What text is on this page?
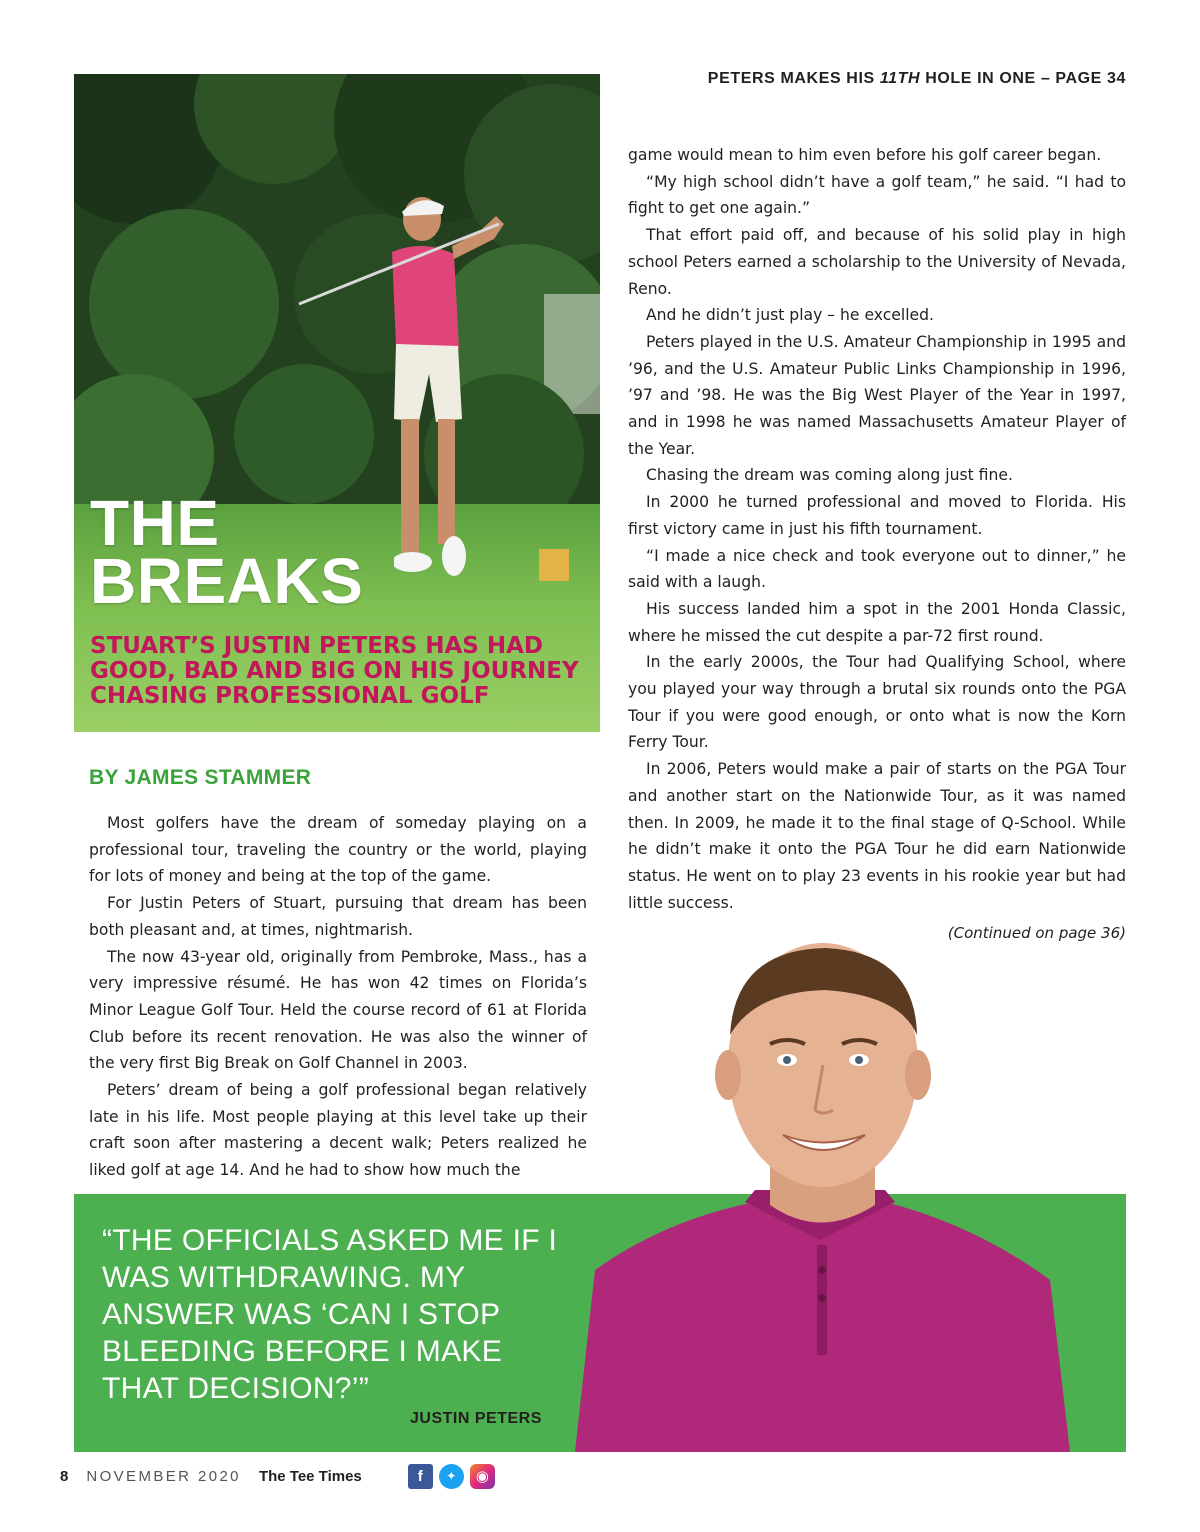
PETERS MAKES HIS 11TH HOLE IN ONE – PAGE 34
THE
BREAKS
STUART’S JUSTIN PETERS HAS HAD GOOD, BAD AND BIG ON HIS JOURNEY CHASING PROFESSIONAL GOLF
BY JAMES STAMMER

Most golfers have the dream of someday playing on a professional tour, traveling the country or the world, playing for lots of money and being at the top of the game.

For Justin Peters of Stuart, pursuing that dream has been both pleasant and, at times, nightmarish.

The now 43-year old, originally from Pembroke, Mass., has a very impressive résumé. He has won 42 times on Florida’s Minor League Golf Tour. Held the course record of 61 at Florida Club before its recent renovation. He was also the winner of the very first Big Break on Golf Channel in 2003.

Peters’ dream of being a golf professional began relatively late in his life. Most people playing at this level take up their craft soon after mastering a decent walk; Peters realized he liked golf at age 14. And he had to show how much the

game would mean to him even before his golf career began.

“My high school didn’t have a golf team,” he said. “I had to fight to get one again.”

That effort paid off, and because of his solid play in high school Peters earned a scholarship to the University of Nevada, Reno.

And he didn’t just play – he excelled.

Peters played in the U.S. Amateur Championship in 1995 and ’96, and the U.S. Amateur Public Links Championship in 1996, ’97 and ’98. He was the Big West Player of the Year in 1997, and in 1998 he was named Massachusetts Amateur Player of the Year.

Chasing the dream was coming along just fine.

In 2000 he turned professional and moved to Florida. His first victory came in just his fifth tournament.

“I made a nice check and took everyone out to dinner,” he said with a laugh.

His success landed him a spot in the 2001 Honda Classic, where he missed the cut despite a par-72 first round.

In the early 2000s, the Tour had Qualifying School, where you played your way through a brutal six rounds onto the PGA Tour if you were good enough, or onto what is now the Korn Ferry Tour.

In 2006, Peters would make a pair of starts on the PGA Tour and another start on the Nationwide Tour, as it was named then. In 2009, he made it to the final stage of Q-School. While he didn’t make it onto the PGA Tour he did earn Nationwide status. He went on to play 23 events in his rookie year but had little success.

(Continued on page 36)
“THE OFFICIALS ASKED ME IF I WAS WITHDRAWING. MY ANSWER WAS ‘CAN I STOP BLEEDING BEFORE I MAKE THAT DECISION?’”
JUSTIN PETERS
8 NOVEMBER 2020 The Tee Times	f	✦	◉
